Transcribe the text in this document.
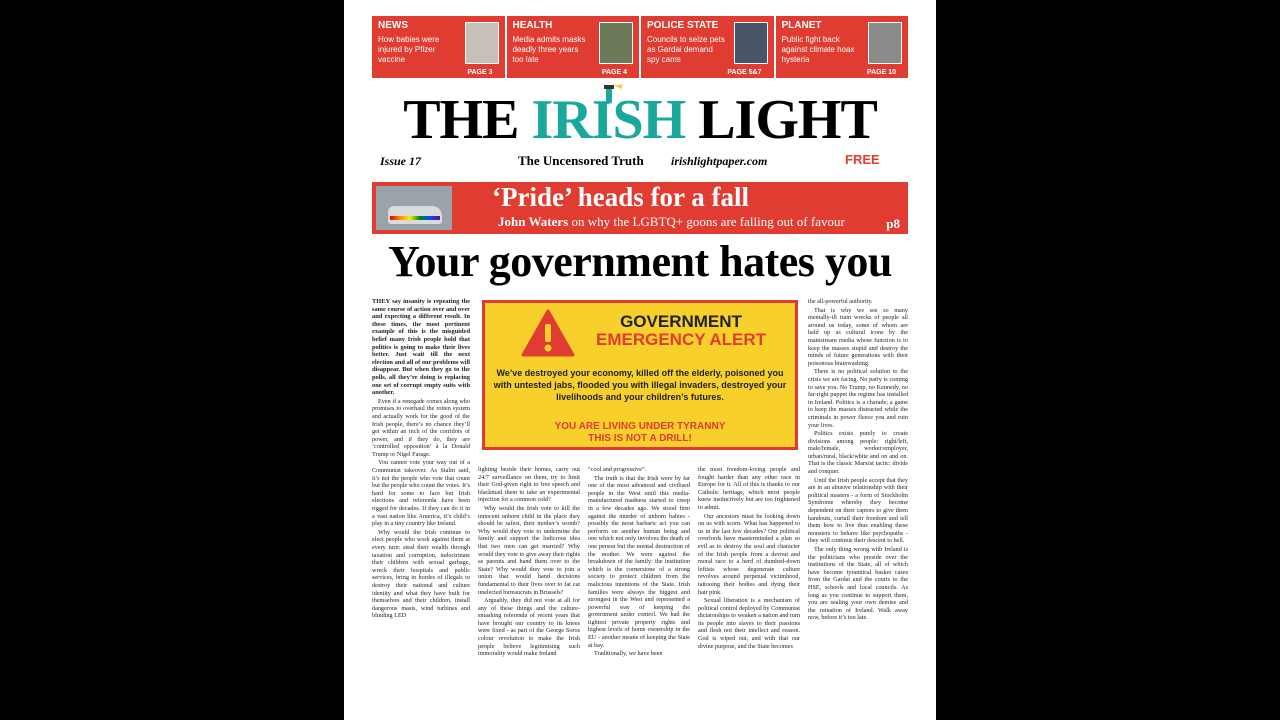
NEWS
How babies were injured by Pfizer vaccine
PAGE 3
HEALTH
Media admits masks deadly three years too late
PAGE 4
POLICE STATE
Councils to seize pets as Gardai demand spy cams
PAGE 5&7
PLANET
Public fight back against climate hoax hysteria
PAGE 10
THE IRISH LIGHT
Issue 17	The Uncensored Truth irishlightpaper.com	FREE
‘Pride’ heads for a fall
John Waters on why the LGBTQ+ goons are falling out of favour	p8
Your government hates you

THEY say insanity is repeating the same course of action over and over and expecting a different result. In these times, the most pertinent example of this is the misguided belief many Irish people hold that politics is going to make their lives better. Just wait till the next election and all of our problems will disappear. But when they go to the polls, all they’re doing is replacing one set of corrupt empty suits with another.

Even if a renegade comes along who promises to overhaul the rotten system and actually work for the good of the Irish people, there’s no chance they’ll get within an inch of the corridors of power, and if they do, they are ‘controlled opposition’ à la Donald Trump or Nigel Farage.

You cannot vote your way out of a Communist takeover. As Stalin said, it’s not the people who vote that count but the people who count the votes. It’s hard for some to face but Irish elections and referenda have been rigged for decades. If they can do it in a vast nation like America, it’s child’s play in a tiny country like Ireland.

Why would the Irish continue to elect people who work against them at every turn: steal their wealth through taxation and corruption, indoctrinate their children with sexual garbage, wreck their hospitals and public services, bring in hordes of illegals to destroy their national and culture identity and what they have built for themselves and their children, install dangerous masts, wind turbines and blinding LED

GOVERNMENT
EMERGENCY ALERT
We’ve destroyed your economy, killed off the elderly, poisoned you with untested jabs, flooded you with illegal invaders, destroyed your livelihoods and your children’s futures.
YOU ARE LIVING UNDER TYRANNY
THIS IS NOT A DRILL!

lighting beside their homes, carry out 24/7 surveillance on them, try to limit their God-given right to free speech and blackmail them to take an experimental injection for a common cold?

Why would the Irish vote to kill the innocent unborn child in the place they should be safest, their mother’s womb? Why would they vote to undermine the family and support the ludicrous idea that two men can get married? Why would they vote to give away their rights as parents and hand them over to the State? Why would they vote to join a union that would hand decisions fundamental to their lives over to fat cat unelected bureaucrats in Brussels?

Arguably, they did not vote at all for any of these things and the culture-smashing referenda of recent years that have brought our country to its knees were fixed - as part of the George Soros colour revolution to make the Irish people believe legitimising such immorality would make Ireland

“cool and progressive”.

The truth is that the Irish were by far one of the most advanced and civilised people in the West until this media-manufactured madness started to creep in a few decades ago. We stood firm against the murder of unborn babies - possibly the most barbaric act you can perform on another human being and one which not only involves the death of one person but the mental destruction of the mother. We were against the breakdown of the family: the institution which is the cornerstone of a strong society to protect children from the malicious intentions of the State. Irish families were always the biggest and strongest in the West and represented a powerful way of keeping the government under control. We had the tightest private property rights and highest levels of home ownership in the EU - another means of keeping the State at bay.

Traditionally, we have been

the most freedom-loving people and fought harder than any other race in Europe for it. All of this is thanks to our Catholic heritage, which most people knew instinctively but are too frightened to admit.

Our ancestors must be looking down on us with scorn. What has happened to us in the last few decades? Our political overlords have masterminded a plan so evil as to destroy the soul and character of the Irish people from a devout and moral race to a herd of dumbed-down leftists whose degenerate culture revolves around perpetual victimhood, tattooing their bodies and dying their hair pink.

Sexual liberation is a mechanism of political control deployed by Communist dictatorships to weaken a nation and turn its people into slaves to their passions and flesh not their intellect and reason. God is wiped out, and with that our divine purpose, and the State becomes

the all-powerful authority.

That is why we see so many mentally-ill train wrecks of people all around us today, some of whom are held up as cultural icons by the mainstream media whose function is to keep the masses stupid and destroy the minds of future generations with their poisonous brainwashing.

There is no political solution to the crisis we are facing. No party is coming to save you. No Trump, no Kennedy, no far-right puppet the regime has installed in Ireland. Politics is a charade; a game to keep the masses distracted while the criminals in power fleece you and ruin your lives.

Politics exists purely to create divisions among people: right/left, male/female, worker/employer, urban/rural, black/white and on and on. That is the classic Marxist tactic: divide and conquer.

Until the Irish people accept that they are in an abusive relationship with their political masters - a form of Stockholm Syndrome whereby they become dependent on their captors to give them handouts, curtail their freedom and tell them how to live thus enabling these monsters to behave like psychopaths - they will continue their descent to hell.

The only thing wrong with Ireland is the politicians who preside over the institutions of the State, all of which have become tyrannical basket cases from the Gardai and the courts to the HSE, schools and local councils. As long as you continue to support them, you are sealing your own demise and the ruination of Ireland. Walk away now, before it’s too late.
